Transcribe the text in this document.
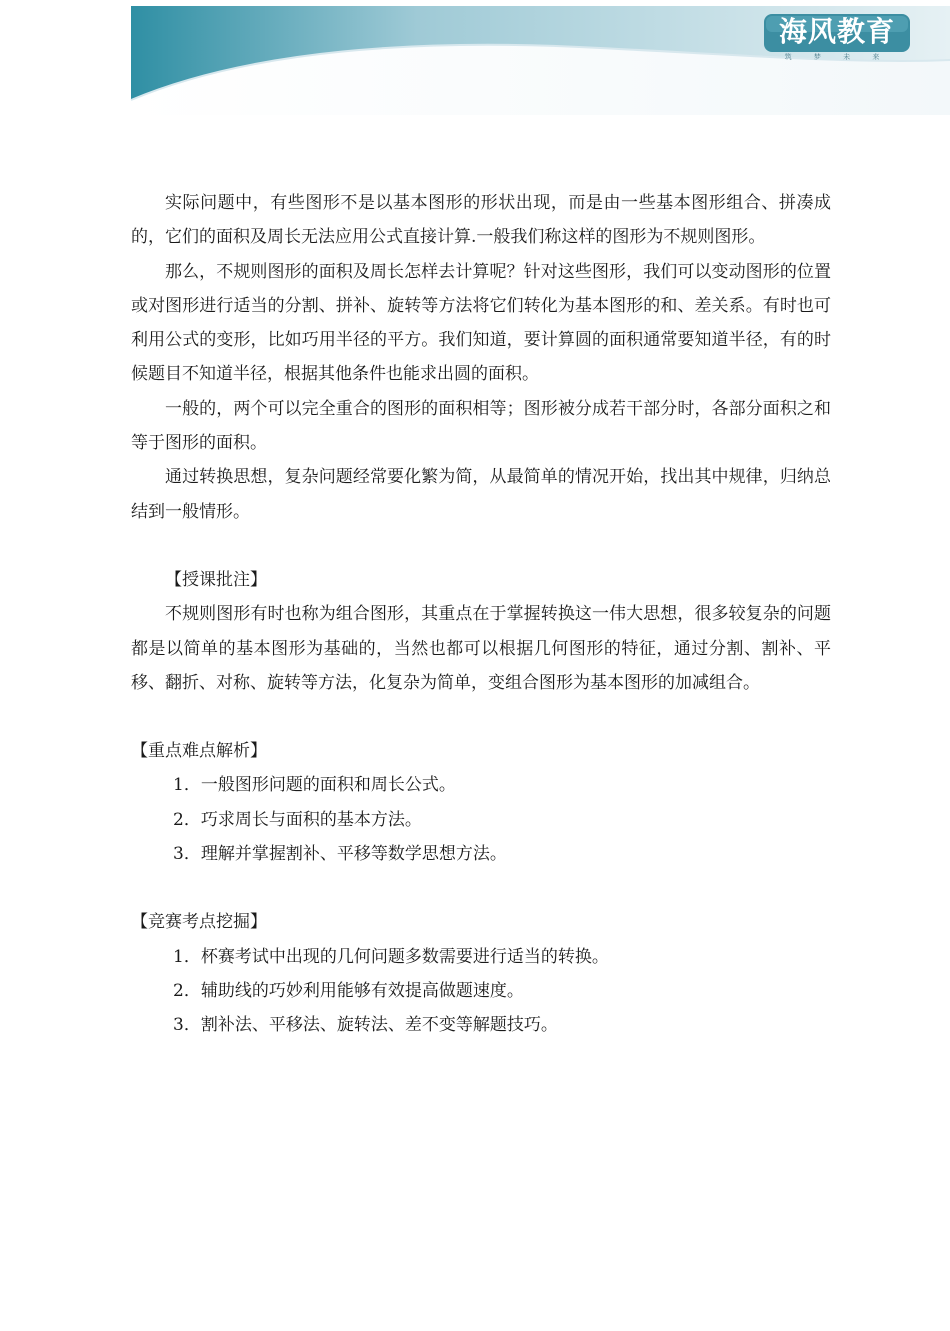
海风教育
筑 梦 未 来

实际问题中，有些图形不是以基本图形的形状出现，而是由一些基本图形组合、拼凑成的，它们的面积及周长无法应用公式直接计算.一般我们称这样的图形为不规则图形。

那么，不规则图形的面积及周长怎样去计算呢？针对这些图形，我们可以变动图形的位置或对图形进行适当的分割、拼补、旋转等方法将它们转化为基本图形的和、差关系。有时也可利用公式的变形，比如巧用半径的平方。我们知道，要计算圆的面积通常要知道半径，有的时候题目不知道半径，根据其他条件也能求出圆的面积。

一般的，两个可以完全重合的图形的面积相等；图形被分成若干部分时，各部分面积之和等于图形的面积。

通过转换思想，复杂问题经常要化繁为简，从最简单的情况开始，找出其中规律，归纳总结到一般情形。

【授课批注】

不规则图形有时也称为组合图形，其重点在于掌握转换这一伟大思想，很多较复杂的问题都是以简单的基本图形为基础的，当然也都可以根据几何图形的特征，通过分割、割补、平移、翻折、对称、旋转等方法，化复杂为简单，变组合图形为基本图形的加减组合。

【重点难点解析】

1．一般图形问题的面积和周长公式。

2．巧求周长与面积的基本方法。

3．理解并掌握割补、平移等数学思想方法。

【竞赛考点挖掘】

1．杯赛考试中出现的几何问题多数需要进行适当的转换。

2．辅助线的巧妙利用能够有效提高做题速度。

3．割补法、平移法、旋转法、差不变等解题技巧。
